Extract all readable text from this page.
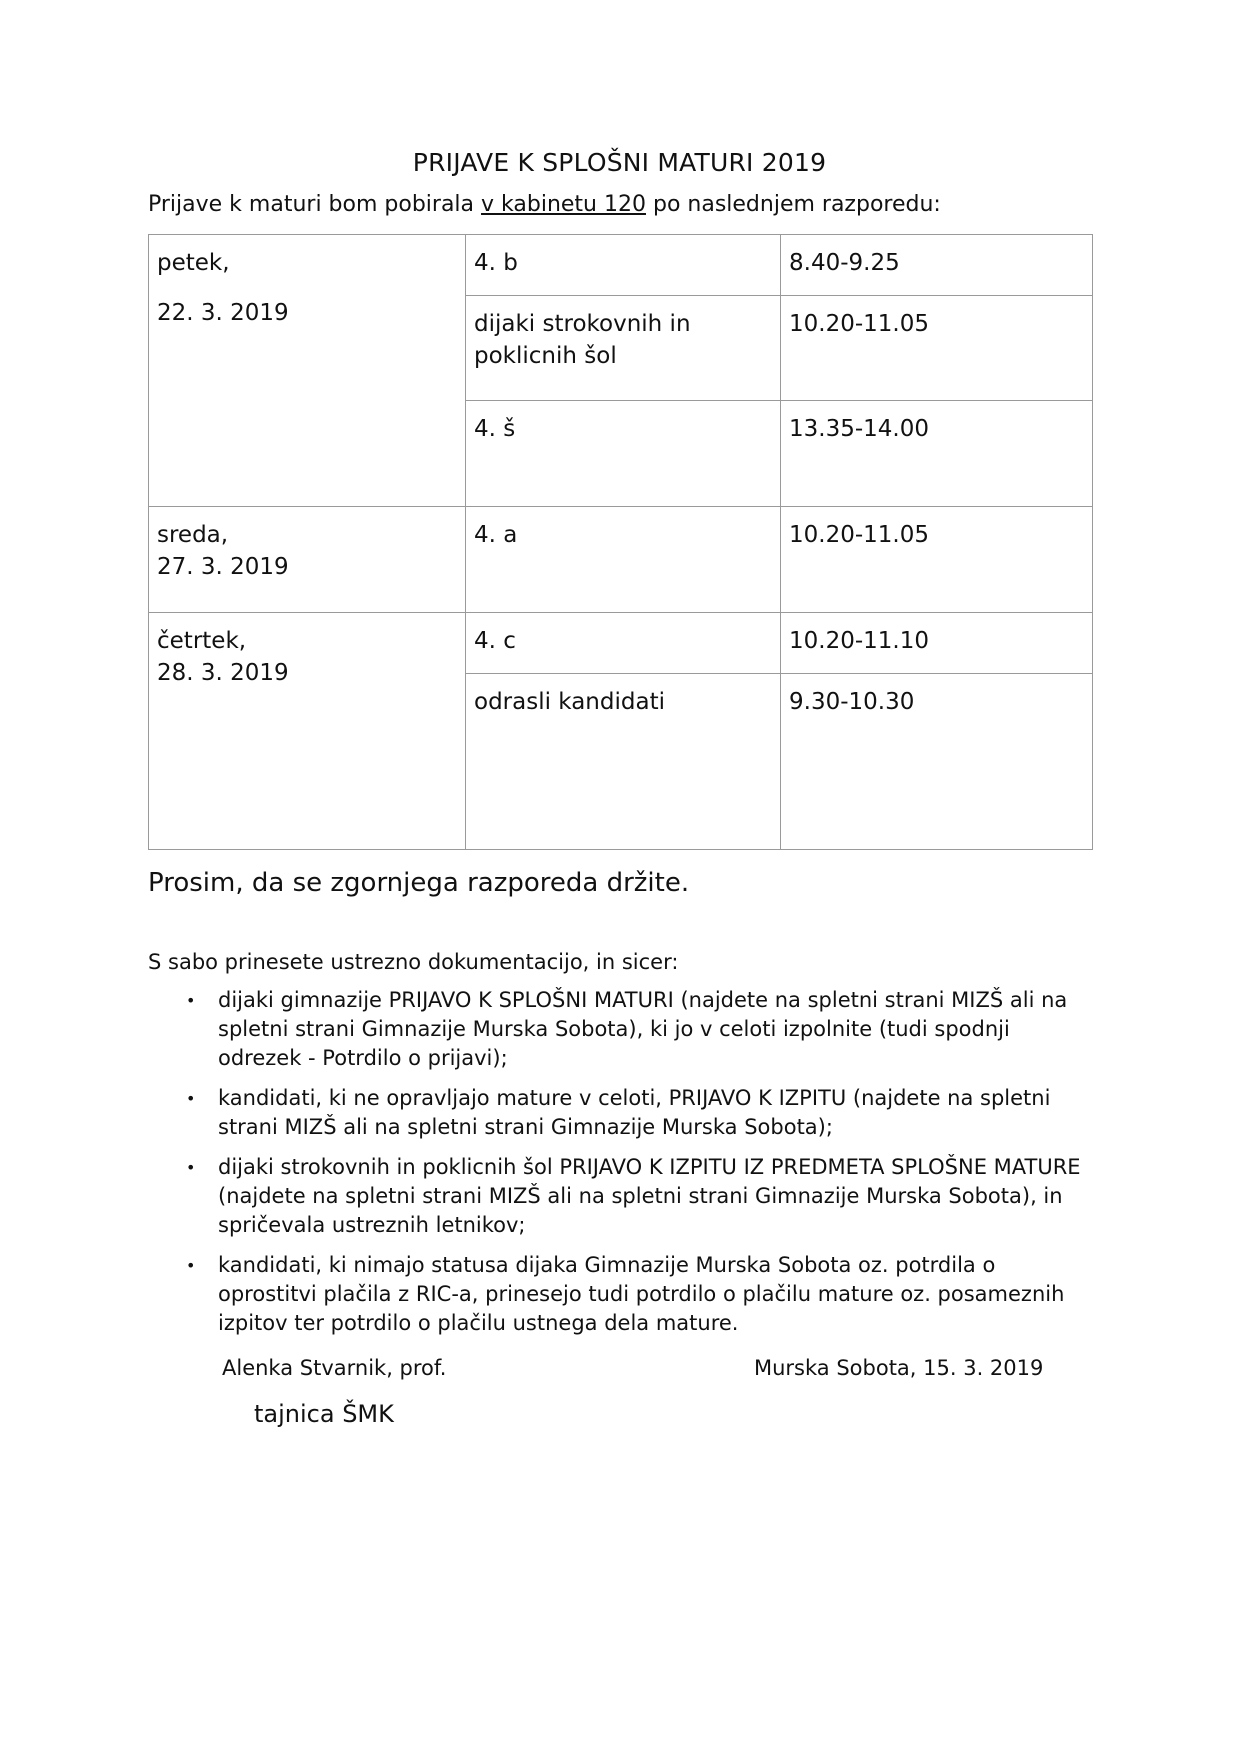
PRIJAVE K SPLOŠNI MATURI 2019
Prijave k maturi bom pobirala v kabinetu 120 po naslednjem razporedu:
petek,
22. 3. 2019	4. b	8.40-9.25
	dijaki strokovnih in poklicnih šol	10.20-11.05
	4. š	13.35-14.00

sreda,
27. 3. 2019	4. a	10.20-11.05

četrtek,
28. 3. 2019	4. c	10.20-11.10
	odrasli kandidati	9.30-10.30
Prosim, da se zgornjega razporeda držite.
S sabo prinesete ustrezno dokumentacijo, in sicer:
• dijaki gimnazije PRIJAVO K SPLOŠNI MATURI (najdete na spletni strani MIZŠ ali na spletni strani Gimnazije Murska Sobota), ki jo v celoti izpolnite (tudi spodnji odrezek - Potrdilo o prijavi);
• kandidati, ki ne opravljajo mature v celoti, PRIJAVO K IZPITU (najdete na spletni strani MIZŠ ali na spletni strani Gimnazije Murska Sobota);
• dijaki strokovnih in poklicnih šol PRIJAVO K IZPITU IZ PREDMETA SPLOŠNE MATURE (najdete na spletni strani MIZŠ ali na spletni strani Gimnazije Murska Sobota), in spričevala ustreznih letnikov;
• kandidati, ki nimajo statusa dijaka Gimnazije Murska Sobota oz. potrdila o oprostitvi plačila z RIC-a, prinesejo tudi potrdilo o plačilu mature oz. posameznih izpitov ter potrdilo o plačilu ustnega dela mature.
Alenka Stvarnik, prof.	Murska Sobota, 15. 3. 2019
tajnica ŠMK
